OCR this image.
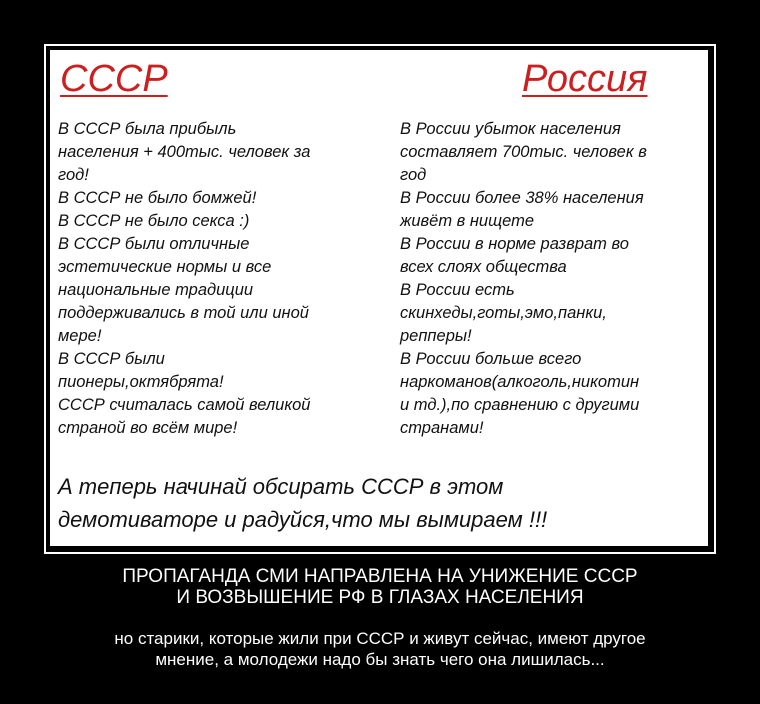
СССР	Россия
В СССР была прибыль
населения + 400тыс. человек за
год!
В СССР не было бомжей!
В СССР не было секса :)
В СССР были отличные
эстетические нормы и все
национальные традиции
поддерживались в той или иной
мере!
В СССР были
пионеры,октябрята!
СССР считалась самой великой
страной во всём мире!
В России убыток населения
составляет 700тыс. человек в
год
В России более 38% населения
живёт в нищете
В России в норме разврат во
всех слоях общества
В России есть
скинхеды,готы,эмо,панки,
репперы!
В России больше всего
наркоманов(алкоголь,никотин
и тд.),по сравнению с другими
странами!
А теперь начинай обсирать СССР в этом
демотиваторе и радуйся,что мы вымираем !!!
ПРОПАГАНДА СМИ НАПРАВЛЕНА НА УНИЖЕНИЕ СССР
И ВОЗВЫШЕНИЕ РФ В ГЛАЗАХ НАСЕЛЕНИЯ
но старики, которые жили при СССР и живут сейчас, имеют другое
мнение, а молодежи надо бы знать чего она лишилась...
